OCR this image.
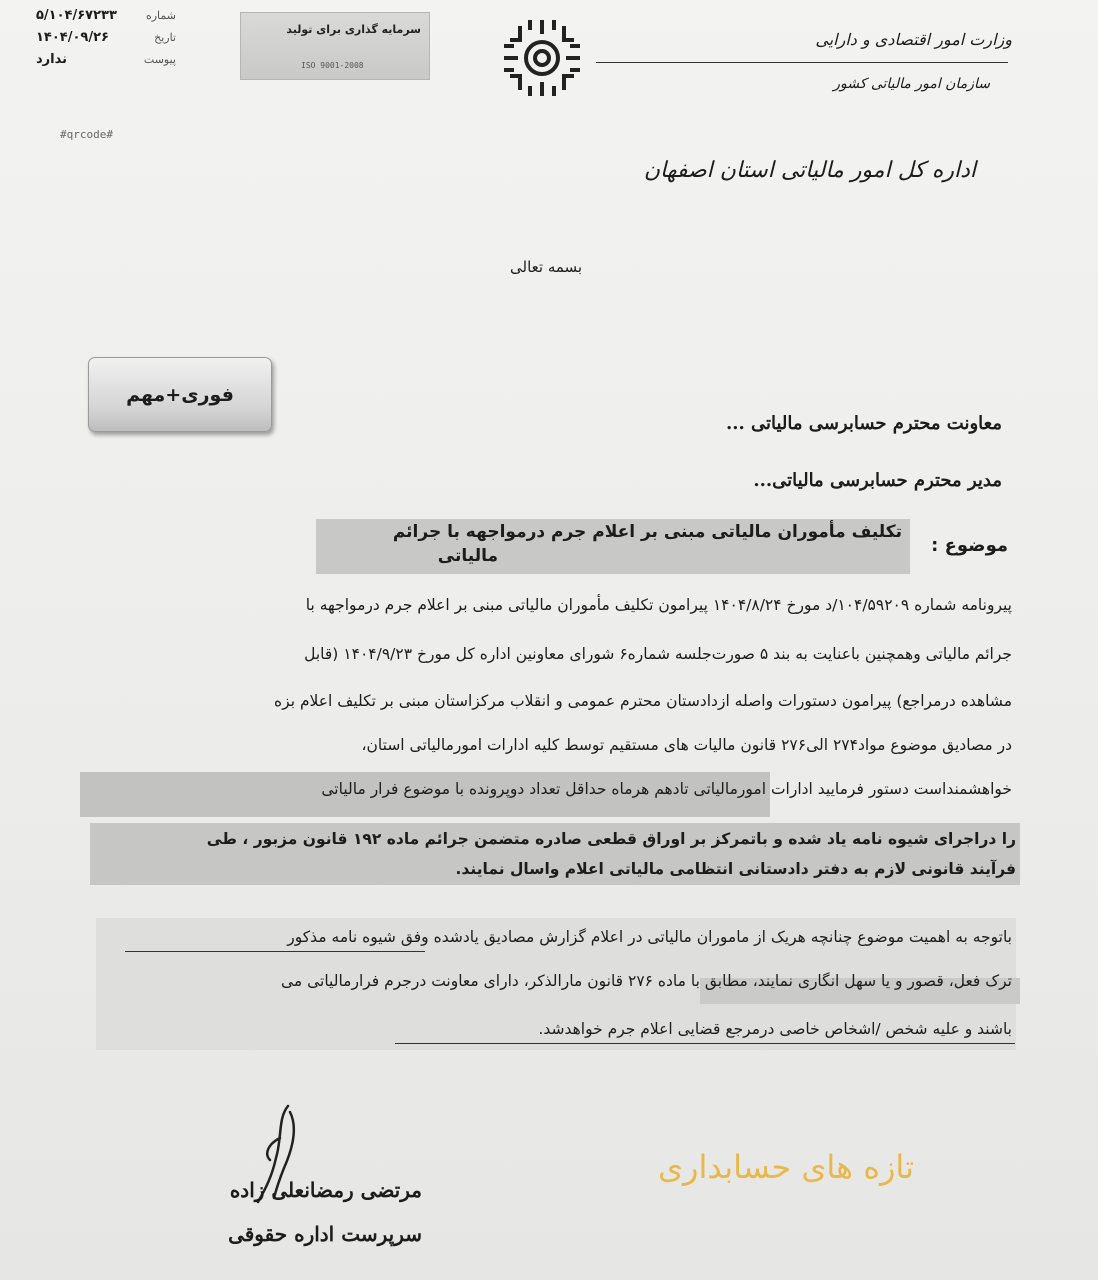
شماره
۵/۱۰۴/۶۷۲۳۳
تاریخ
۱۴۰۴/۰۹/۲۶
پیوست
ندارد
#qrcode#
سرمایه گذاری برای تولید
ISO 9001-2008
وزارت امور اقتصادی و دارایی
سازمان امور مالیاتی کشور
اداره کل امور مالیاتی استان اصفهان
بسمه تعالی
فوری+مهم
معاونت محترم حسابرسی مالیاتی ...
مدیر محترم حسابرسی مالیاتی...
موضوع :
تکلیف مأموران مالیاتی مبنی بر اعلام جرم درمواجهه با جرائم
مالیاتی
پیرونامه شماره ۱۰۴/۵۹۲۰۹/د مورخ ۱۴۰۴/۸/۲۴ پیرامون تکلیف مأموران مالیاتی مبنی بر اعلام جرم درمواجهه با
جرائم مالیاتی وهمچنین باعنایت به بند ۵ صورت‌جلسه شماره۶ شورای معاونین اداره کل مورخ ۱۴۰۴/۹/۲۳ (قابل
مشاهده درمراجع) پیرامون دستورات واصله ازدادستان محترم عمومی و انقلاب مرکزاستان مبنی بر تکلیف اعلام بزه
در مصادیق موضوع مواد۲۷۴ الی۲۷۶ قانون مالیات های مستقیم توسط کلیه ادارات امورمالیاتی استان،
خواهشمنداست دستور فرمایید ادارات امورمالیاتی تادهم هرماه حداقل تعداد دوپرونده با موضوع فرار مالیاتی
را دراجرای شیوه نامه یاد شده و باتمرکز بر اوراق قطعی صادره متضمن جرائم ماده ۱۹۲ قانون مزبور ، طی
فرآیند قانونی لازم به دفتر دادستانی انتظامی مالیاتی اعلام واسال نمایند.
باتوجه به اهمیت موضوع چنانچه هریک از ماموران مالیاتی در اعلام گزارش مصادیق یادشده وفق شیوه نامه مذکور
ترک فعل، قصور و یا سهل انگاری نمایند، مطابق با ماده ۲۷۶ قانون مارالذکر، دارای معاونت درجرم فرارمالیاتی می
باشند و علیه شخص /اشخاص خاصی درمرجع قضایی اعلام جرم خواهدشد.
مرتضی رمضانعلی زاده
سرپرست اداره حقوقی
تازه های حسابداری
